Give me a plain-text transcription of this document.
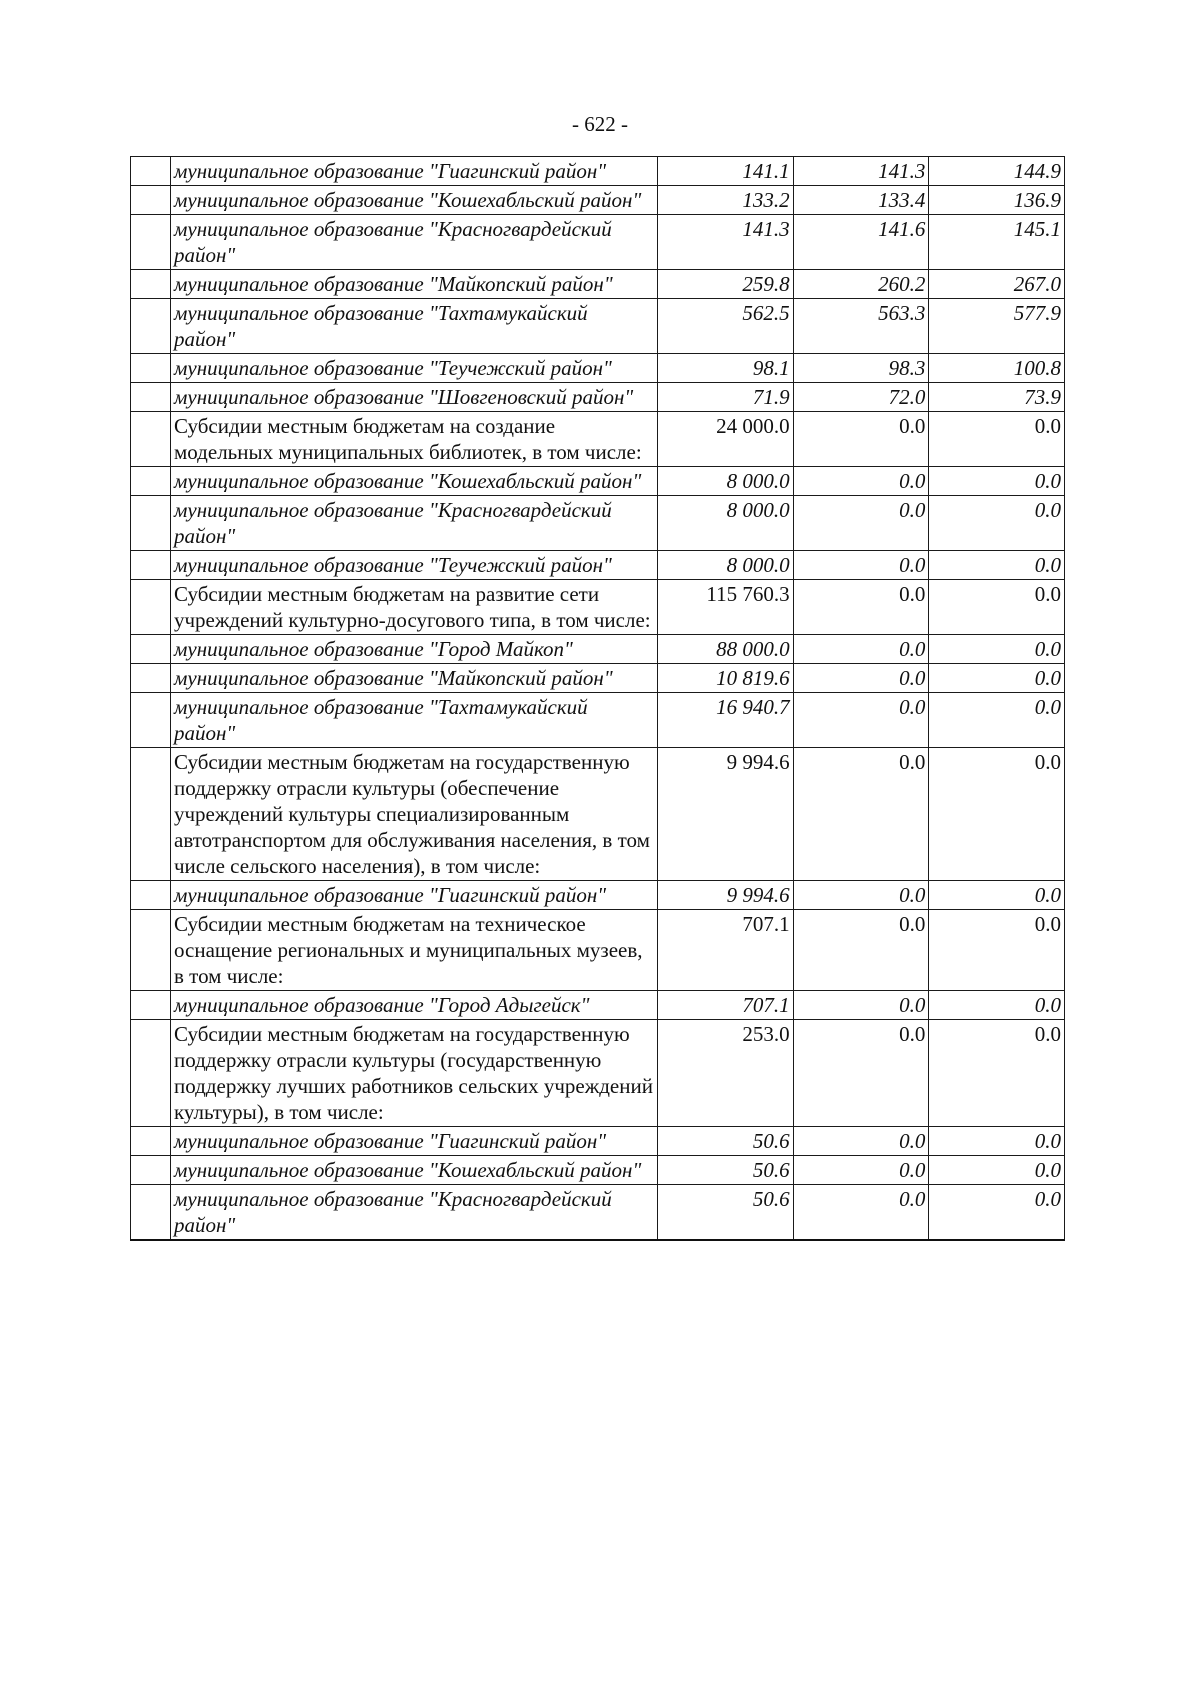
- 622 -
	муниципальное образование "Гиагинский район"	141.1	141.3	144.9
	муниципальное образование "Кошехабльский район"	133.2	133.4	136.9
	муниципальное образование "Красногвардейский район"	141.3	141.6	145.1
	муниципальное образование "Майкопский район"	259.8	260.2	267.0
	муниципальное образование "Тахтамукайский район"	562.5	563.3	577.9
	муниципальное образование "Теучежский район"	98.1	98.3	100.8
	муниципальное образование "Шовгеновский район"	71.9	72.0	73.9
	Субсидии местным бюджетам на создание модельных муниципальных библиотек, в том числе:	24 000.0	0.0	0.0
	муниципальное образование "Кошехабльский район"	8 000.0	0.0	0.0
	муниципальное образование "Красногвардейский район"	8 000.0	0.0	0.0
	муниципальное образование "Теучежский район"	8 000.0	0.0	0.0
	Субсидии местным бюджетам на развитие сети учреждений культурно-досугового типа, в том числе:	115 760.3	0.0	0.0
	муниципальное образование "Город Майкоп"	88 000.0	0.0	0.0
	муниципальное образование "Майкопский район"	10 819.6	0.0	0.0
	муниципальное образование "Тахтамукайский район"	16 940.7	0.0	0.0
	Субсидии местным бюджетам на государственную поддержку отрасли культуры (обеспечение учреждений культуры специализированным автотранспортом для обслуживания населения, в том числе сельского населения), в том числе:	9 994.6	0.0	0.0
	муниципальное образование "Гиагинский район"	9 994.6	0.0	0.0
	Субсидии местным бюджетам на техническое оснащение региональных и муниципальных музеев, в том числе:	707.1	0.0	0.0
	муниципальное образование "Город Адыгейск"	707.1	0.0	0.0
	Субсидии местным бюджетам на государственную поддержку отрасли культуры (государственную поддержку лучших работников сельских учреждений культуры), в том числе:	253.0	0.0	0.0
	муниципальное образование "Гиагинский район"	50.6	0.0	0.0
	муниципальное образование "Кошехабльский район"	50.6	0.0	0.0
	муниципальное образование "Красногвардейский район"	50.6	0.0	0.0
